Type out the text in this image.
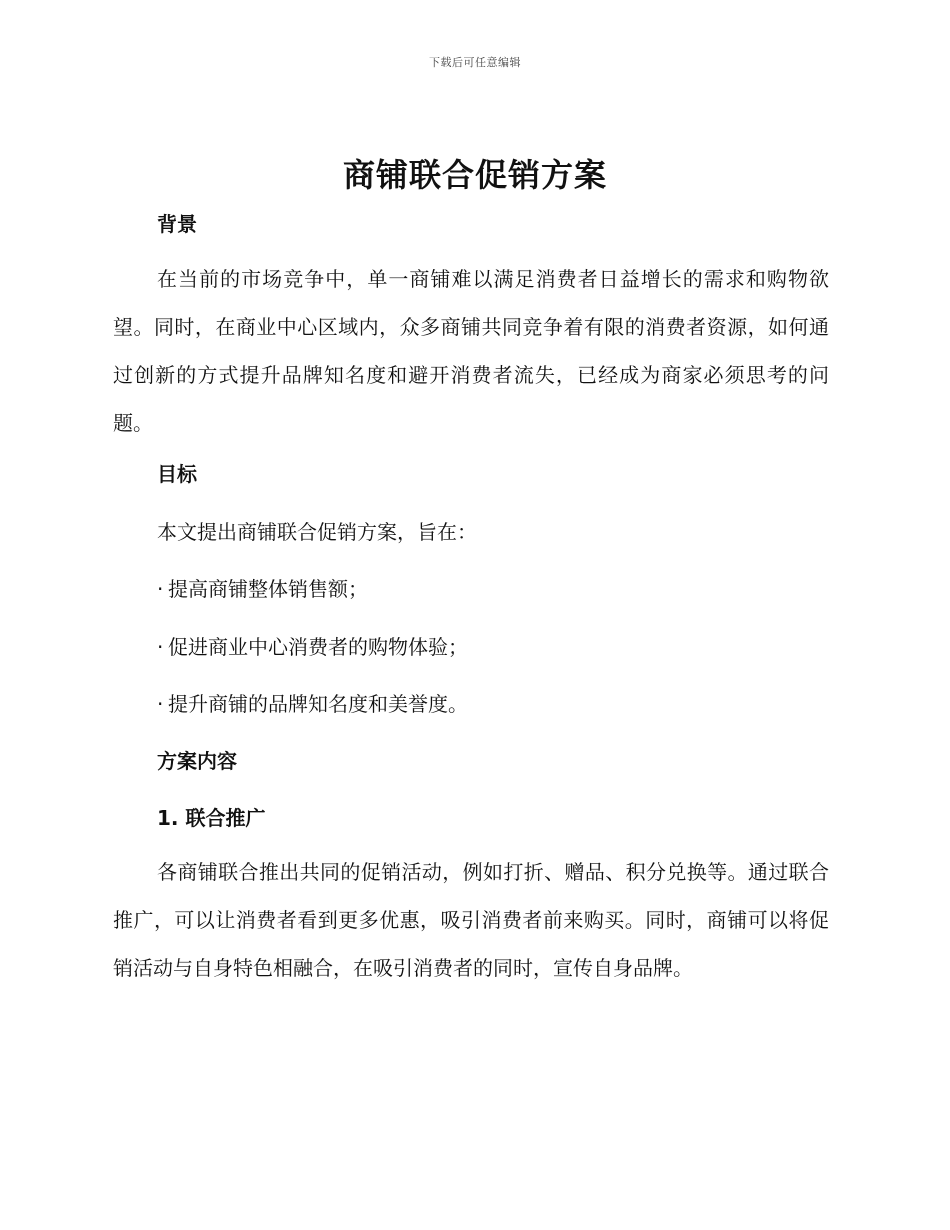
下载后可任意编辑
商铺联合促销方案
背景

在当前的市场竞争中，单一商铺难以满足消费者日益增长的需求和购物欲望。同时，在商业中心区域内，众多商铺共同竞争着有限的消费者资源，如何通过创新的方式提升品牌知名度和避开消费者流失，已经成为商家必须思考的问题。

目标

本文提出商铺联合促销方案，旨在：

· 提高商铺整体销售额；
· 促进商业中心消费者的购物体验；
· 提升商铺的品牌知名度和美誉度。
方案内容
1. 联合推广

各商铺联合推出共同的促销活动，例如打折、赠品、积分兑换等。通过联合推广，可以让消费者看到更多优惠，吸引消费者前来购买。同时，商铺可以将促销活动与自身特色相融合，在吸引消费者的同时，宣传自身品牌。
